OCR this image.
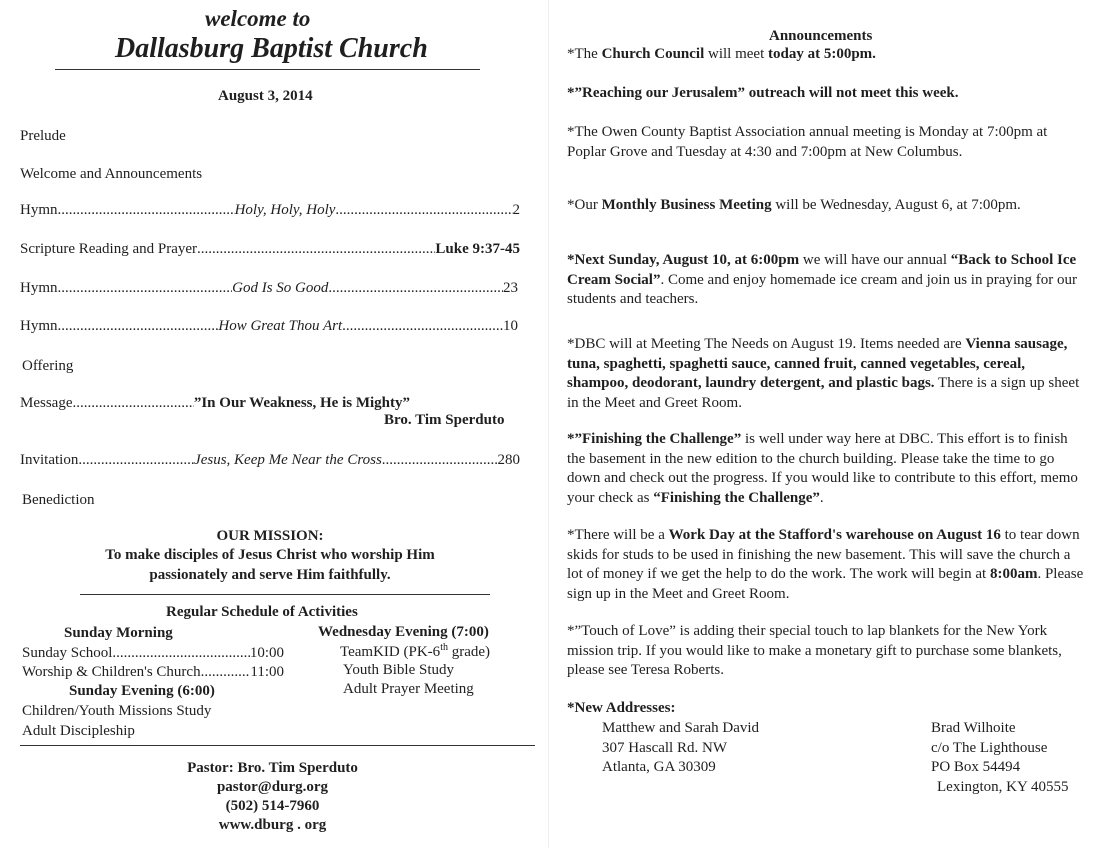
welcome to
Dallasburg Baptist Church
August 3, 2014
Prelude
Welcome and Announcements
Hymn .....	Holy, Holy, Holy .....	2
Scripture Reading and Prayer .....	Luke 9:37-45
Hymn .....	God Is So Good .....	23
Hymn .....	How Great Thou Art .....	10
Offering
Message .....	”In Our Weakness, He is Mighty”
Bro. Tim Sperduto
Invitation .....	Jesus, Keep Me Near the Cross .....	280
Benediction
OUR MISSION:
To make disciples of Jesus Christ who worship Him
passionately and serve Him faithfully.
Regular Schedule of Activities
Sunday Morning
Sunday School .....	10:00
Worship & Children's Church .....	11:00
Sunday Evening (6:00)
Children/Youth Missions Study
Adult Discipleship
Wednesday Evening (7:00)
TeamKID (PK-6th grade)
Youth Bible Study
Adult Prayer Meeting
Pastor: Bro. Tim Sperduto
pastor@durg.org
(502) 514-7960
www.dburg . org
Announcements
*The Church Council will meet today at 5:00pm.
*”Reaching our Jerusalem” outreach will not meet this week.
*The Owen County Baptist Association annual meeting is Monday at 7:00pm at Poplar Grove and Tuesday at 4:30 and 7:00pm at New Columbus.
*Our Monthly Business Meeting will be Wednesday, August 6, at 7:00pm.
*Next Sunday, August 10, at 6:00pm we will have our annual “Back to School Ice Cream Social”. Come and enjoy homemade ice cream and join us in praying for our students and teachers.
*DBC will at Meeting The Needs on August 19. Items needed are Vienna sausage, tuna, spaghetti, spaghetti sauce, canned fruit, canned vegetables, cereal, shampoo, deodorant, laundry detergent, and plastic bags. There is a sign up sheet in the Meet and Greet Room.
*”Finishing the Challenge” is well under way here at DBC. This effort is to finish the basement in the new edition to the church building. Please take the time to go down and check out the progress. If you would like to contribute to this effort, memo your check as “Finishing the Challenge”.
*There will be a Work Day at the Stafford's warehouse on August 16 to tear down skids for studs to be used in finishing the new basement. This will save the church a lot of money if we get the help to do the work. The work will begin at 8:00am. Please sign up in the Meet and Greet Room.
*”Touch of Love” is adding their special touch to lap blankets for the New York mission trip. If you would like to make a monetary gift to purchase some blankets, please see Teresa Roberts.
*New Addresses:
Matthew and Sarah David
307 Hascall Rd. NW
Atlanta, GA 30309
Brad Wilhoite
c/o The Lighthouse
PO Box 54494
Lexington, KY 40555
